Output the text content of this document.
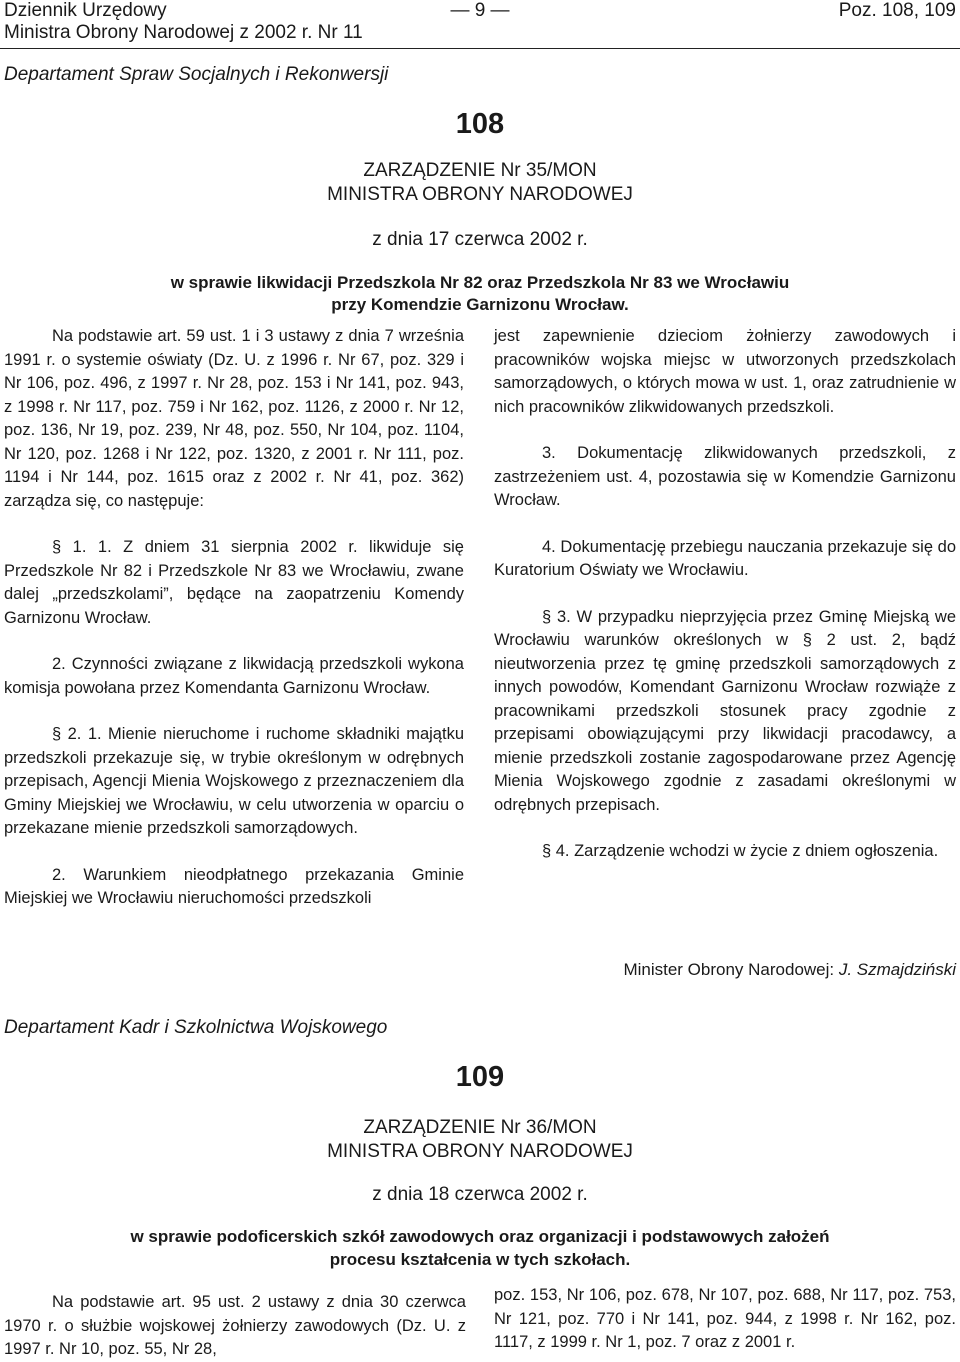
Dziennik Urzędowy
Ministra Obrony Narodowej z 2002 r. Nr 11
— 9 —	Poz. 108, 109
Departament Spraw Socjalnych i Rekonwersji
108
ZARZĄDZENIE Nr 35/MON
MINISTRA OBRONY NARODOWEJ
z dnia 17 czerwca 2002 r.
w sprawie likwidacji Przedszkola Nr 82 oraz Przedszkola Nr 83 we Wrocławiu
przy Komendzie Garnizonu Wrocław.

Na podstawie art. 59 ust. 1 i 3 ustawy z dnia 7 września 1991 r. o systemie oświaty (Dz. U. z 1996 r. Nr 67, poz. 329 i Nr 106, poz. 496, z 1997 r. Nr 28, poz. 153 i Nr 141, poz. 943, z 1998 r. Nr 117, poz. 759 i Nr 162, poz. 1126, z 2000 r. Nr 12, poz. 136, Nr 19, poz. 239, Nr 48, poz. 550, Nr 104, poz. 1104, Nr 120, poz. 1268 i Nr 122, poz. 1320, z 2001 r. Nr 111, poz. 1194 i Nr 144, poz. 1615 oraz z 2002 r. Nr 41, poz. 362) zarządza się, co następuje:

§ 1. 1. Z dniem 31 sierpnia 2002 r. likwiduje się Przedszkole Nr 82 i Przedszkole Nr 83 we Wrocławiu, zwane dalej „przedszkolami”, będące na zaopatrzeniu Komendy Garnizonu Wrocław.

2. Czynności związane z likwidacją przedszkoli wykona komisja powołana przez Komendanta Garnizonu Wrocław.

§ 2. 1. Mienie nieruchome i ruchome składniki majątku przedszkoli przekazuje się, w trybie określonym w odrębnych przepisach, Agencji Mienia Wojskowego z przeznaczeniem dla Gminy Miejskiej we Wrocławiu, w celu utworzenia w oparciu o przekazane mienie przedszkoli samorządowych.

2. Warunkiem nieodpłatnego przekazania Gminie Miejskiej we Wrocławiu nieruchomości przedszkoli

jest zapewnienie dzieciom żołnierzy zawodowych i pracowników wojska miejsc w utworzonych przedszkolach samorządowych, o których mowa w ust. 1, oraz zatrudnienie w nich pracowników zlikwidowanych przedszkoli.

3. Dokumentację zlikwidowanych przedszkoli, z zastrzeżeniem ust. 4, pozostawia się w Komendzie Garnizonu Wrocław.

4. Dokumentację przebiegu nauczania przekazuje się do Kuratorium Oświaty we Wrocławiu.

§ 3. W przypadku nieprzyjęcia przez Gminę Miejską we Wrocławiu warunków określonych w § 2 ust. 2, bądź nieutworzenia przez tę gminę przedszkoli samorządowych z innych powodów, Komendant Garnizonu Wrocław rozwiąże z pracownikami przedszkoli stosunek pracy zgodnie z przepisami obowiązującymi przy likwidacji pracodawcy, a mienie przedszkoli zostanie zagospodarowane przez Agencję Mienia Wojskowego zgodnie z zasadami określonymi w odrębnych przepisach.

§ 4. Zarządzenie wchodzi w życie z dniem ogłoszenia.

Minister Obrony Narodowej: J. Szmajdziński
Departament Kadr i Szkolnictwa Wojskowego
109
ZARZĄDZENIE Nr 36/MON
MINISTRA OBRONY NARODOWEJ
z dnia 18 czerwca 2002 r.
w sprawie podoficerskich szkół zawodowych oraz organizacji i podstawowych założeń
procesu kształcenia w tych szkołach.

Na podstawie art. 95 ust. 2 ustawy z dnia 30 czerwca 1970 r. o służbie wojskowej żołnierzy zawodowych (Dz. U. z 1997 r. Nr 10, poz. 55, Nr 28,

poz. 153, Nr 106, poz. 678, Nr 107, poz. 688, Nr 117, poz. 753, Nr 121, poz. 770 i Nr 141, poz. 944, z 1998 r. Nr 162, poz. 1117, z 1999 r. Nr 1, poz. 7 oraz z 2001 r.
